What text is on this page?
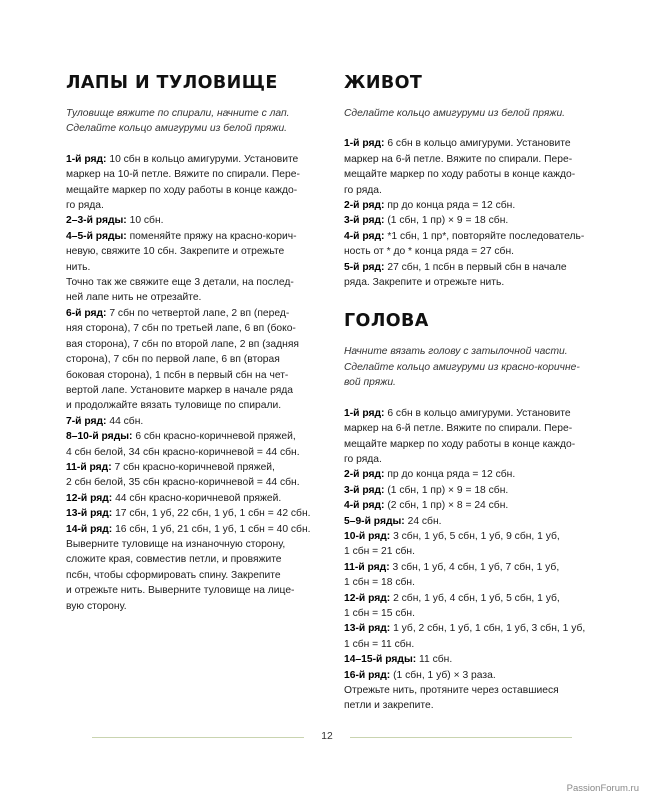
ЛАПЫ И ТУЛОВИЩЕ
Туловище вяжите по спирали, начните с лап.
Сделайте кольцо амигуруми из белой пряжи.
1-й ряд: 10 сбн в кольцо амигуруми. Установите
маркер на 10-й петле. Вяжите по спирали. Пере-
мещайте маркер по ходу работы в конце каждо-
го ряда.
2–3-й ряды: 10 сбн.
4–5-й ряды: поменяйте пряжу на красно-корич-
невую, свяжите 10 сбн. Закрепите и отрежьте
нить.
Точно так же свяжите еще 3 детали, на послед-
ней лапе нить не отрезайте.
6-й ряд: 7 сбн по четвертой лапе, 2 вп (перед-
няя сторона), 7 сбн по третьей лапе, 6 вп (боко-
вая сторона), 7 сбн по второй лапе, 2 вп (задняя
сторона), 7 сбн по первой лапе, 6 вп (вторая
боковая сторона), 1 псбн в первый сбн на чет-
вертой лапе. Установите маркер в начале ряда
и продолжайте вязать туловище по спирали.
7-й ряд: 44 сбн.
8–10-й ряды: 6 сбн красно-коричневой пряжей,
4 сбн белой, 34 сбн красно-коричневой = 44 сбн.
11-й ряд: 7 сбн красно-коричневой пряжей,
2 сбн белой, 35 сбн красно-коричневой = 44 сбн.
12-й ряд: 44 сбн красно-коричневой пряжей.
13-й ряд: 17 сбн, 1 уб, 22 сбн, 1 уб, 1 сбн = 42 сбн.
14-й ряд: 16 сбн, 1 уб, 21 сбн, 1 уб, 1 сбн = 40 сбн.
Выверните туловище на изнаночную сторону,
сложите края, совместив петли, и провяжите
псбн, чтобы сформировать спину. Закрепите
и отрежьте нить. Выверните туловище на лице-
вую сторону.
ЖИВОТ
Сделайте кольцо амигуруми из белой пряжи.
1-й ряд: 6 сбн в кольцо амигуруми. Установите
маркер на 6-й петле. Вяжите по спирали. Пере-
мещайте маркер по ходу работы в конце каждо-
го ряда.
2-й ряд: пр до конца ряда = 12 сбн.
3-й ряд: (1 сбн, 1 пр) × 9 = 18 сбн.
4-й ряд: *1 сбн, 1 пр*, повторяйте последователь-
ность от * до * конца ряда = 27 сбн.
5-й ряд: 27 сбн, 1 псбн в первый сбн в начале
ряда. Закрепите и отрежьте нить.
ГОЛОВА
Начните вязать голову с затылочной части.
Сделайте кольцо амигуруми из красно-коричне-
вой пряжи.
1-й ряд: 6 сбн в кольцо амигуруми. Установите
маркер на 6-й петле. Вяжите по спирали. Пере-
мещайте маркер по ходу работы в конце каждо-
го ряда.
2-й ряд: пр до конца ряда = 12 сбн.
3-й ряд: (1 сбн, 1 пр) × 9 = 18 сбн.
4-й ряд: (2 сбн, 1 пр) × 8 = 24 сбн.
5–9-й ряды: 24 сбн.
10-й ряд: 3 сбн, 1 уб, 5 сбн, 1 уб, 9 сбн, 1 уб,
1 сбн = 21 сбн.
11-й ряд: 3 сбн, 1 уб, 4 сбн, 1 уб, 7 сбн, 1 уб,
1 сбн = 18 сбн.
12-й ряд: 2 сбн, 1 уб, 4 сбн, 1 уб, 5 сбн, 1 уб,
1 сбн = 15 сбн.
13-й ряд: 1 уб, 2 сбн, 1 уб, 1 сбн, 1 уб, 3 сбн, 1 уб,
1 сбн = 11 сбн.
14–15-й ряды: 11 сбн.
16-й ряд: (1 сбн, 1 уб) × 3 раза.
Отрежьте нить, протяните через оставшиеся
петли и закрепите.
12
PassionForum.ru
